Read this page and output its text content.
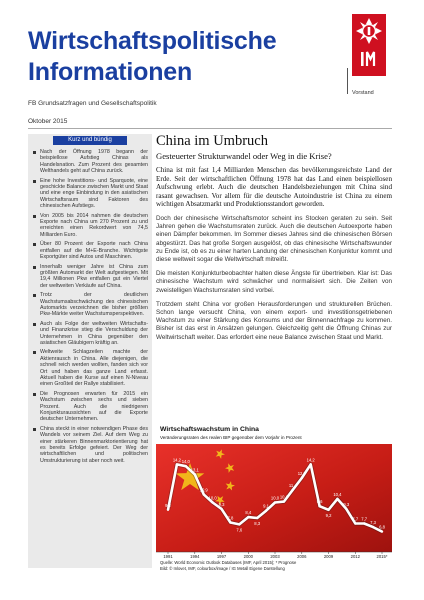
Wirtschaftspolitische
Informationen
Vorstand
FB Grundsatzfragen und Gesellschaftspolitik
Oktober 2015
Kurz und bündig
Nach der Öffnung 1978 begann der beispiellose Aufstieg Chinas als Handelsnation. Zum Prozent des gesamten Welthandels geht auf China zurück.
Eine hohe Investitions- und Sparquote, eine geschickte Balance zwischen Markt und Staat und eine enge Einbindung in den asiatischen Wirtschaftsraum sind Faktoren des chinesischen Aufstiegs.
Von 2005 bis 2014 nahmen die deutschen Exporte nach China um 270 Prozent zu und erreichten einen Rekordwert von 74,5 Milliarden Euro.
Über 80 Prozent der Exporte nach China entfallen auf die M+E-Branche. Wichtigste Exportgüter sind Autos und Maschinen.
Innerhalb weniger Jahre ist China zum größten Automarkt der Welt aufgestiegen. Mit 19,4 Millionen Pkw entfallen gut ein Viertel der weltweiten Verkäufe auf China.
Trotz der deutlichen Wachstumsabschwächung des chinesischen Automarkts verzeichnen die bisher größten Pkw-Märkte weiter Wachstumsperspektiven.
Auch als Folge der weltweiten Wirtschafts- und Finanzkrise stieg die Verschuldung der Unternehmen in China gegenüber den asiatischen Gläubigern kräftig an.
Weltweite Schlagzeilen machte der Aktienrausch in China. Alle diejenigen, die schnell reich werden wollten, fanden sich vor Ort und haben das ganze Land erfasst. Aktuell haben die Kurse auf einen N-Niveau einen Großteil der Rallye stabilisiert.
Die Prognosen erwarten für 2015 ein Wachstum zwischen sechs und sieben Prozent. Auch die niedrigeren Konjunkturaussichten auf die Exporte deutscher Unternehmen.
China steckt in einer notwendigen Phase des Wandels vor seinem Ziel. Auf dem Weg zu einer stärkeren Binnenmarktorientierung hat es bereits Erfolge gefeiert. Der Weg der wirtschaftlichen und politischen Umstrukturierung ist aber noch weit.
China im Umbruch
Gesteuerter Strukturwandel oder Weg in die Krise?
China ist mit fast 1,4 Milliarden Menschen das bevölkerungsreichste Land der Erde. Seit der wirtschaftlichen Öffnung 1978 hat das Land einen beispiellosen Aufschwung erlebt. Auch die deutschen Handelsbeziehungen mit China sind rasant gewachsen. Vor allem für die deutsche Autoindustrie ist China zu einem wichtigen Absatzmarkt und Produktionsstandort geworden.
Doch der chinesische Wirtschaftsmotor scheint ins Stocken geraten zu sein. Seit Jahren gehen die Wachstumsraten zurück. Auch die deutschen Autoexporte haben einen Dämpfer bekommen. Im Sommer dieses Jahres sind die chinesischen Börsen abgestürzt. Das hat große Sorgen ausgelöst, ob das chinesische Wirtschaftswunder zu Ende ist, ob es zu einer harten Landung der chinesischen Konjunktur kommt und diese weltweit sogar die Weltwirtschaft mitreißt.
Die meisten Konjunkturbeobachter halten diese Ängste für übertrieben. Klar ist: Das chinesische Wachstum wird schwächer und normalisiert sich. Die Zeiten von zweistelligen Wachstumsraten sind vorbei.
Trotzdem steht China vor großen Herausforderungen und strukturellen Brüchen. Schon lange versucht China, von einem export- und investitionsgetriebenen Wachstum zu einer Stärkung des Konsums und der Binnennachfrage zu kommen. Bisher ist das erst in Ansätzen gelungen. Gleichzeitig geht die Öffnung Chinas zur Weltwirtschaft weiter. Das erfordert eine neue Balance zwischen Staat und Markt.
9,2
14,2 14,0
13,1
10,9
10,0
9,3
7,8
7,6
8,4
8,3
9,1
10,0 10,1
11,4
12,7
14,2
9,6
9,2
10,4
9,3
7,7 7,7
7,3
6,8
1991	1994	1997	2000	2003	2006	2009	2012	2015*
Wirtschaftswachstum in China
Veränderungsraten des realen BIP gegenüber dem Vorjahr in Prozent
Quelle: World Economic Outlook Databases (IMF, April 2015); * Prognose
Bild: © Inlovet, IMF, colourbox/image / IG Metall Eigene Darstellung
